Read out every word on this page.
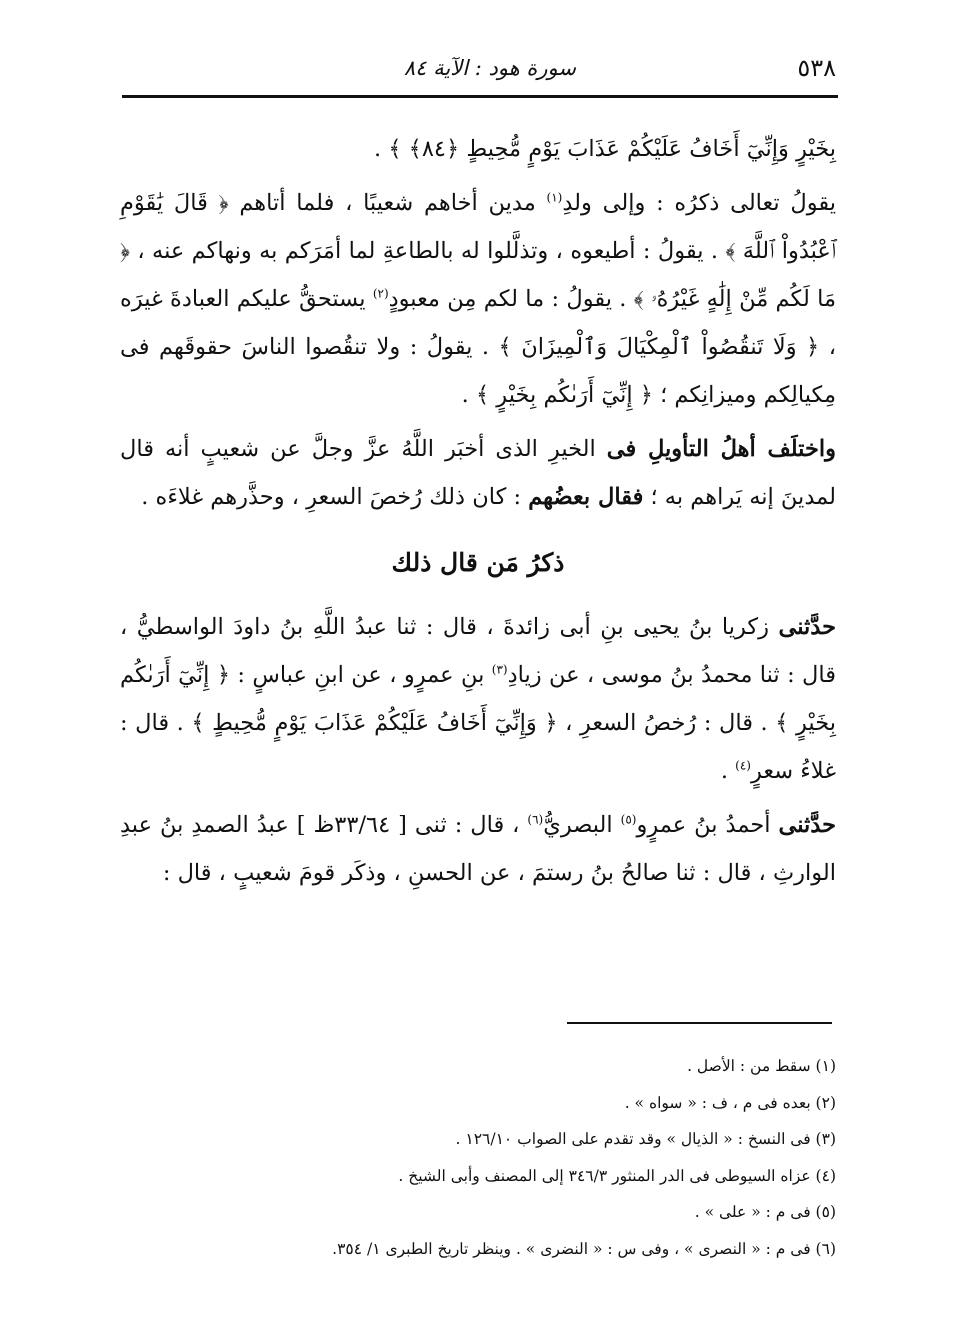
٥٣٨
سورة هود : الآية ٨٤

بِخَيْرٍ وَإِنِّيٓ أَخَافُ عَلَيْكُمْ عَذَابَ يَوْمٍ مُّحِيطٍ ﴿٨٤﴾ ﴾ .

يقولُ تعالى ذكرُه : وإلى ولدِ$^{(١)}$ مدين أخاهم شعيبًا ، فلما أتاهم ﴿ قَالَ يَٰقَوْمِ ٱعْبُدُواْ ٱللَّهَ ﴾ . يقولُ : أطيعوه ، وتذلَّلوا له بالطاعةِ لما أمَرَكم به ونهاكم عنه ، ﴿ مَا لَكُم مِّنْ إِلَٰهٍ غَيْرُهُۥ ﴾ . يقولُ : ما لكم مِن معبودٍ$^{(٢)}$ يستحقُّ عليكم العبادةَ غيرَه ، ﴿ وَلَا تَنقُصُواْ ٱلْمِكْيَالَ وَٱلْمِيزَانَ ﴾ . يقولُ : ولا تنقُصوا الناسَ حقوقَهم فى مِكيالِكم وميزانِكم ؛ ﴿ إِنِّيٓ أَرَىٰكُم بِخَيْرٍ ﴾ .

واختلَف أهلُ التأويلِ فى الخيرِ الذى أخبَر اللَّهُ عزَّ وجلَّ عن شعيبٍ أنه قال لمدينَ إنه يَراهم به ؛ فقال بعضُهم : كان ذلك رُخصَ السعرِ ، وحذَّرهم غلاءَه .

ذكرُ مَن قال ذلك

حدَّثنى زكريا بنُ يحيى بنِ أبى زائدةَ ، قال : ثنا عبدُ اللَّهِ بنُ داودَ الواسطيُّ ، قال : ثنا محمدُ بنُ موسى ، عن زيادِ$^{(٣)}$ بنِ عمرٍو ، عن ابنِ عباسٍ : ﴿ إِنِّيٓ أَرَىٰكُم بِخَيْرٍ ﴾ . قال : رُخصُ السعرِ ، ﴿ وَإِنِّيٓ أَخَافُ عَلَيْكُمْ عَذَابَ يَوْمٍ مُّحِيطٍ ﴾ . قال : غلاءُ سعرٍ$^{(٤)}$ .

حدَّثنى أحمدُ بنُ عمرٍو$^{(٥)}$ البصريُّ$^{(٦)}$ ، قال : ثنى [ ٣٣/٦٤ظ ] عبدُ الصمدِ بنُ عبدِ الوارثِ ، قال : ثنا صالحُ بنُ رستمَ ، عن الحسنِ ، وذكَر قومَ شعيبٍ ، قال :

(١) سقط من : الأصل .

(٢) بعده فى م ، ف : « سواه » .

(٣) فى النسخ : « الذيال » وقد تقدم على الصواب ١٢٦/١٠ .

(٤) عزاه السيوطى فى الدر المنثور ٣٤٦/٣ إلى المصنف وأبى الشيخ .

(٥) فى م : « على » .

(٦) فى م : « النصرى » ، وفى س : « النضرى » . وينظر تاريخ الطبرى ١/ ٣٥٤.
